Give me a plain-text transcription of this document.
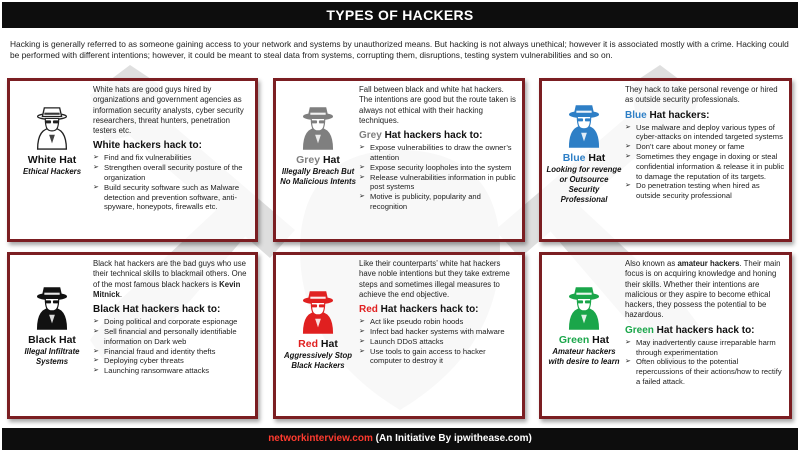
TYPES OF HACKERS

Hacking is generally referred to as someone gaining access to your network and systems by unauthorized means. But hacking is not always unethical; however it is associated mostly with a crime. Hacking could be performed with different intentions; however, it could be meant to steal data from systems, corrupting them, disruptions, testing system vulnerabilities and so on.

White Hat
Ethical Hackers

White hats are good guys hired by organizations and government agencies as information security analysts, cyber security researchers, threat hunters, penetration testers etc.

White hackers hack to:
➢ Find and fix vulnerabilities
➢ Strengthen overall security posture of the organization
➢ Build security software such as Malware detection and prevention software, anti-spyware, honeypots, firewalls etc.
Grey Hat
Illegally Breach But No Malicious Intents

Fall between black and white hat hackers. The intentions are good but the route taken is always not ethical with their hacking techniques.

Grey Hat hackers hack to:
➢ Expose vulnerabilities to draw the owner’s attention
➢ Expose security loopholes into the system
➢ Release vulnerabilities information in public post systems
➢ Motive is publicity, popularity and recognition
Blue Hat
Looking for revenge or Outsource Security Professional

They hack to take personal revenge or hired as outside security professionals.

Blue Hat hackers:
➢ Use malware and deploy various types of cyber-attacks on intended targeted systems
➢ Don’t care about money or fame
➢ Sometimes they engage in doxing or steal confidential information & release it in public to damage the reputation of its targets.
➢ Do penetration testing when hired as outside security professional
Black Hat
Illegal Infiltrate Systems

Black hat hackers are the bad guys who use their technical skills to blackmail others. One of the most famous black hackers is Kevin Mitnick.

Black Hat hackers hack to:
➢ Doing political and corporate espionage
➢ Sell financial and personally identifiable information on Dark web
➢ Financial fraud and identity thefts
➢ Deploying cyber threats
➢ Launching ransomware attacks
Red Hat
Aggressively Stop Black Hackers

Like their counterparts’ white hat hackers have noble intentions but they take extreme steps and sometimes illegal measures to achieve the end objective.

Red Hat hackers hack to:
➢ Act like pseudo robin hoods
➢ Infect bad hacker systems with malware
➢ Launch DDoS attacks
➢ Use tools to gain access to hacker computer to destroy it
Green Hat
Amateur hackers with desire to learn

Also known as amateur hackers. Their main focus is on acquiring knowledge and honing their skills. Whether their intentions are malicious or they aspire to become ethical hackers, they possess the potential to be hazardous.

Green Hat hackers hack to:
➢ May inadvertently cause irreparable harm through experimentation
➢ Often oblivious to the potential repercussions of their actions/how to rectify a failed attack.
networkinterview.com (An Initiative By ipwithease.com)
